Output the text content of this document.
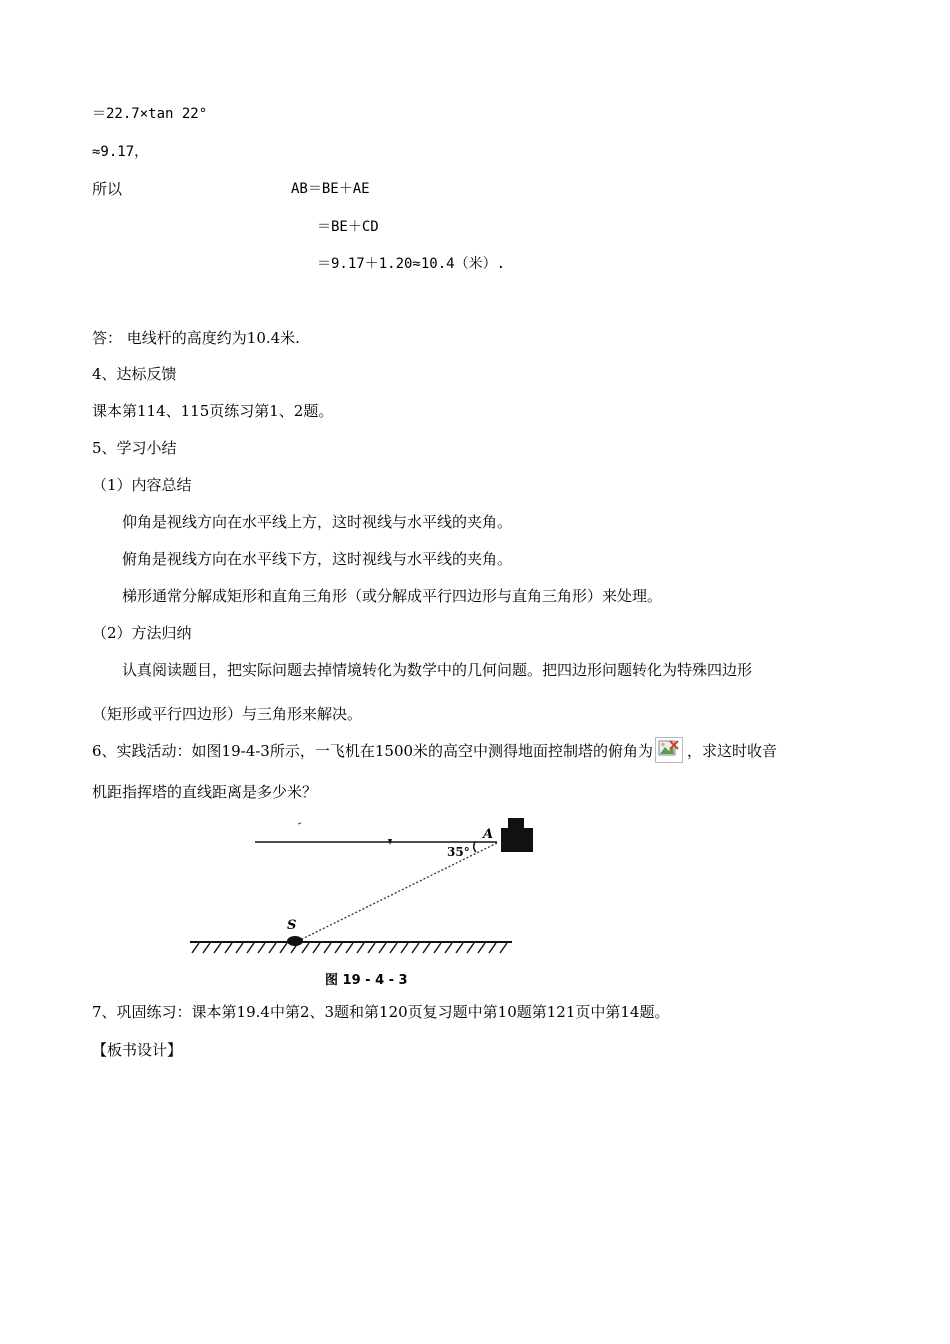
＝22.7×tan 22°
≈9.17，
所以	AB＝BE＋AE
＝BE＋CD
＝9.17＋1.20≈10.4（米）.
答： 电线杆的高度约为10.4米.
4、达标反馈
课本第114、115页练习第1、2题。
5、学习小结
（1）内容总结
仰角是视线方向在水平线上方，这时视线与水平线的夹角。
俯角是视线方向在水平线下方，这时视线与水平线的夹角。
梯形通常分解成矩形和直角三角形（或分解成平行四边形与直角三角形）来处理。
（2）方法归纳
认真阅读题目，把实际问题去掉情境转化为数学中的几何问题。把四边形问题转化为特殊四边形
（矩形或平行四边形）与三角形来解决。
6、实践活动：如图19-4-3所示，一飞机在1500米的高空中测得地面控制塔的俯角为 ，求这时收音
机距指挥塔的直线距离是多少米？
A
35°
S
图 19 - 4 - 3
7、巩固练习：课本第19.4中第2、3题和第120页复习题中第10题第121页中第14题。
【板书设计】
